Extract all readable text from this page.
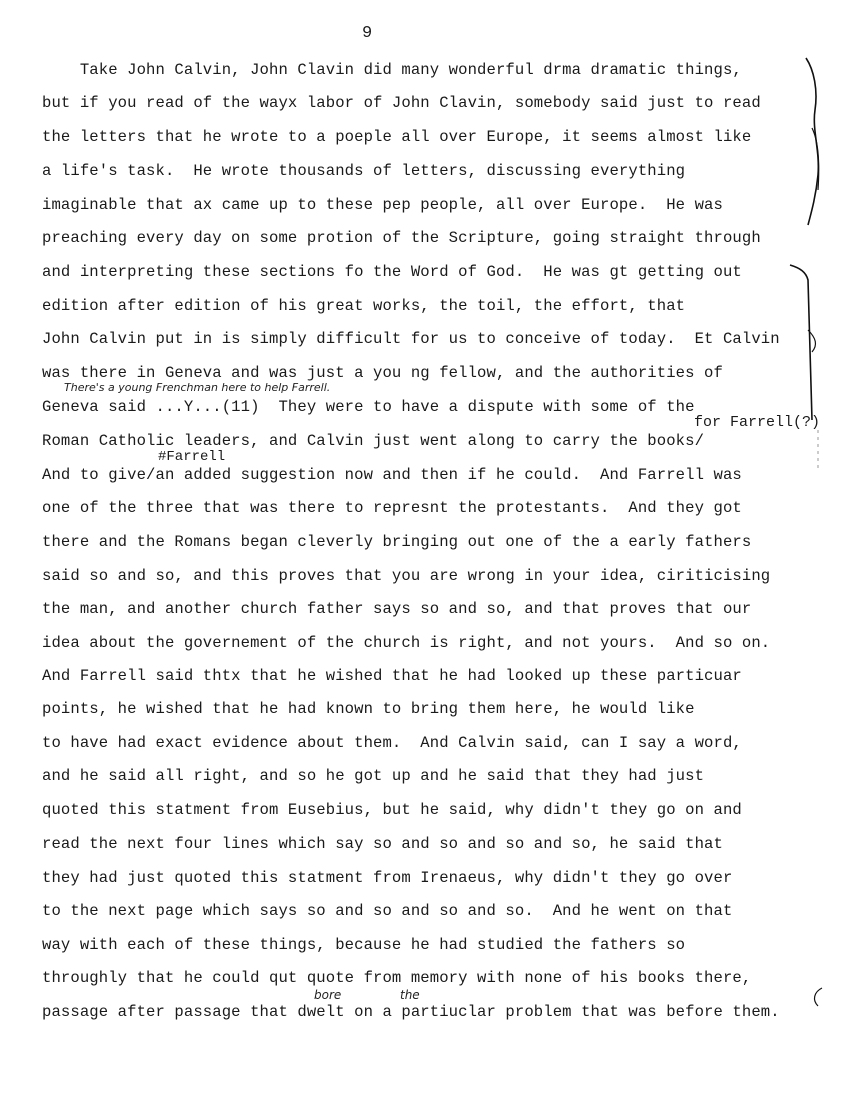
9
Take John Calvin, John Clavin did many wonderful drma dramatic things,
but if you read of the wayx labor of John Clavin, somebody said just to read
the letters that he wrote to a poeple all over Europe, it seems almost like
a life's task.  He wrote thousands of letters, discussing everything
imaginable that ax came up to these pep people, all over Europe.  He was
preaching every day on some protion of the Scripture, going straight through
and interpreting these sections fo the Word of God.  He was gt getting out
edition after edition of his great works, the toil, the effort, that
John Calvin put in is simply difficult for us to conceive of today.  Et Calvin
was there in Geneva and was just a you ng fellow, and the authorities of
There's a young Frenchman here to help Farrell.
Geneva said ...Y...(11)  They were to have a dispute with some of the
for Farrell(?)
Roman Catholic leaders, and Calvin just went along to carry the books/
#Farrell
And to give/an added suggestion now and then if he could.  And Farrell was
one of the three that was there to represnt the protestants.  And they got
there and the Romans began cleverly bringing out one of the a early fathers
said so and so, and this proves that you are wrong in your idea, ciriticising
the man, and another church father says so and so, and that proves that our
idea about the governement of the church is right, and not yours.  And so on.
And Farrell said thtx that he wished that he had looked up these particuar
points, he wished that he had known to bring them here, he would like
to have had exact evidence about them.  And Calvin said, can I say a word,
and he said all right, and so he got up and he said that they had just
quoted this statment from Eusebius, but he said, why didn't they go on and
read the next four lines which say so and so and so and so, he said that
they had just quoted this statment from Irenaeus, why didn't they go over
to the next page which says so and so and so and so.  And he went on that
way with each of these things, because he had studied the fathers so
throughly that he could qut quote from memory with none of his books there,
bore	the
passage after passage that dwelt on a partiuclar problem that was before them.
